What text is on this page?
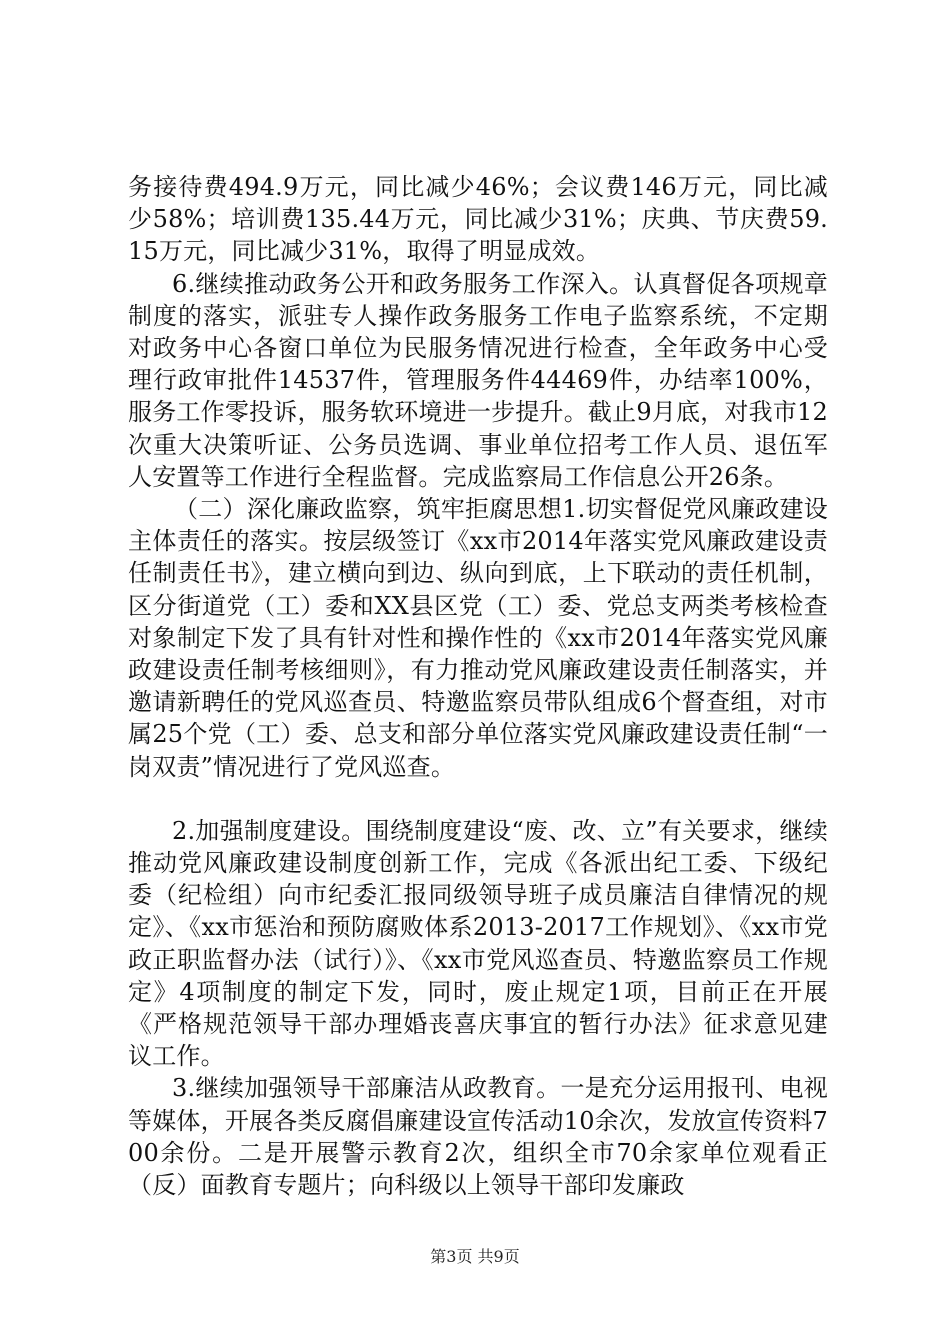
务接待费494.9万元，同比减少46%；会议费146万元，同比减少58%；培训费135.44万元，同比减少31%；庆典、节庆费59.15万元，同比减少31%，取得了明显成效。

6.继续推动政务公开和政务服务工作深入。认真督促各项规章制度的落实，派驻专人操作政务服务工作电子监察系统，不定期对政务中心各窗口单位为民服务情况进行检查，全年政务中心受理行政审批件14537件，管理服务件44469件，办结率100%，服务工作零投诉，服务软环境进一步提升。截止9月底，对我市12次重大决策听证、公务员选调、事业单位招考工作人员、退伍军人安置等工作进行全程监督。完成监察局工作信息公开26条。

（二）深化廉政监察，筑牢拒腐思想1.切实督促党风廉政建设主体责任的落实。按层级签订《xx市2014年落实党风廉政建设责任制责任书》，建立横向到边、纵向到底，上下联动的责任机制，区分街道党（工）委和XX县区党（工）委、党总支两类考核检查对象制定下发了具有针对性和操作性的《xx市2014年落实党风廉政建设责任制考核细则》，有力推动党风廉政建设责任制落实，并邀请新聘任的党风巡查员、特邀监察员带队组成6个督查组，对市属25个党（工）委、总支和部分单位落实党风廉政建设责任制“一岗双责”情况进行了党风巡查。

2.加强制度建设。围绕制度建设“废、改、立”有关要求，继续推动党风廉政建设制度创新工作，完成《各派出纪工委、下级纪委（纪检组）向市纪委汇报同级领导班子成员廉洁自律情况的规定》、《xx市惩治和预防腐败体系2013-2017工作规划》、《xx市党政正职监督办法（试行）》、《xx市党风巡查员、特邀监察员工作规定》4项制度的制定下发，同时，废止规定1项，目前正在开展《严格规范领导干部办理婚丧喜庆事宜的暂行办法》征求意见建议工作。

3.继续加强领导干部廉洁从政教育。一是充分运用报刊、电视等媒体，开展各类反腐倡廉建设宣传活动10余次，发放宣传资料700余份。二是开展警示教育2次，组织全市70余家单位观看正（反）面教育专题片；向科级以上领导干部印发廉政

第3页 共9页
